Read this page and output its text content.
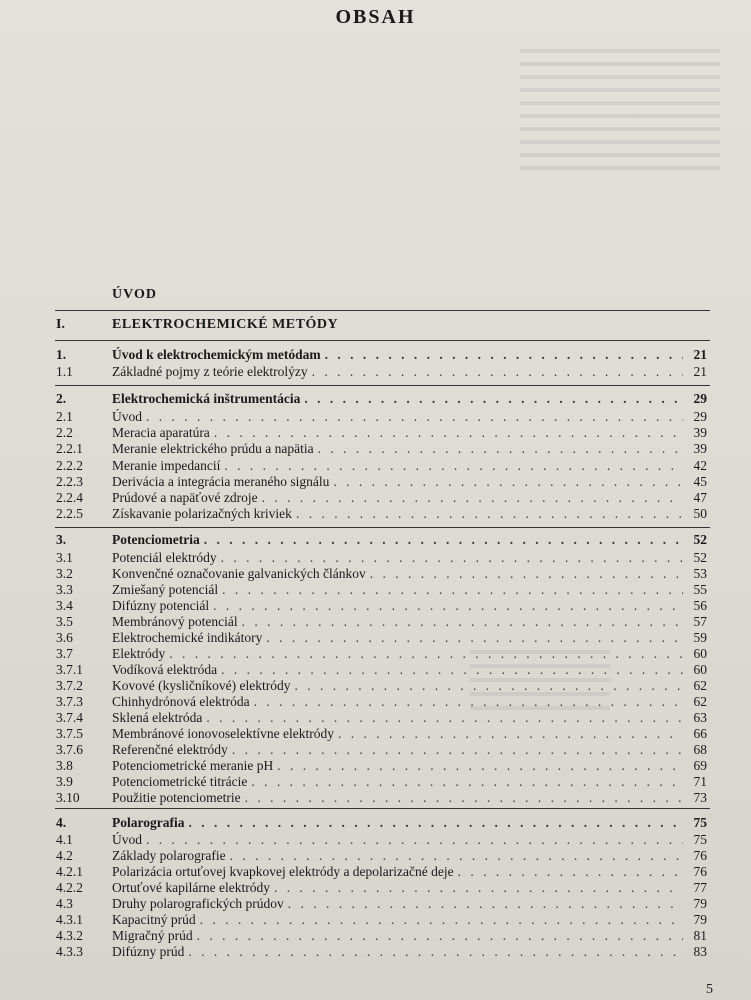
OBSAH
ÚVOD
I.	ELEKTROCHEMICKÉ METÓDY
1.	Úvod k elektrochemickým metódam . . .	21
1.1	Základné pojmy z teórie elektrolýzy . . .	21
2.	Elektrochemická inštrumentácia . . .	29
2.1	Úvod . . .	29
2.2	Meracia aparatúra . . .	39
2.2.1 Meranie elektrického prúdu a napätia . . .	39
2.2.2 Meranie impedancií . . .	42
2.2.3 Derivácia a integrácia meraného signálu . . .	45
2.2.4 Prúdové a napäťové zdroje . . .	47
2.2.5 Získavanie polarizačných kriviek . . .	50
3.	Potenciometria . . .	52
3.1	Potenciál elektródy . . .	52
3.2	Konvenčné označovanie galvanických článkov . . .	53
3.3	Zmiešaný potenciál . . .	55
3.4	Difúzny potenciál . . .	56
3.5	Membránový potenciál . . .	57
3.6	Elektrochemické indikátory . . .	59
3.7	Elektródy . . .	60
3.7.1 Vodíková elektróda . . .	60
3.7.2 Kovové (kysličníkové) elektródy . . .	62
3.7.3 Chinhydrónová elektróda . . .	62
3.7.4 Sklená elektróda . . .	63
3.7.5 Membránové ionovoselektívne elektródy . . .	66
3.7.6 Referenčné elektródy . . .	68
3.8	Potenciometrické meranie pH . . .	69
3.9	Potenciometrické titrácie . . .	71
3.10 Použitie potenciometrie . . .	73
4.	Polarografia . . .	75
4.1	Úvod . . .	75
4.2	Základy polarografie . . .	76
4.2.1 Polarizácia ortuťovej kvapkovej elektródy a depolarizačné deje . . .	76
4.2.2 Ortuťové kapilárne elektródy . . .	77
4.3	Druhy polarografických prúdov . . .	79
4.3.1 Kapacitný prúd . . .	79
4.3.2 Migračný prúd . . .	81
4.3.3 Difúzny prúd . . .	83
5
